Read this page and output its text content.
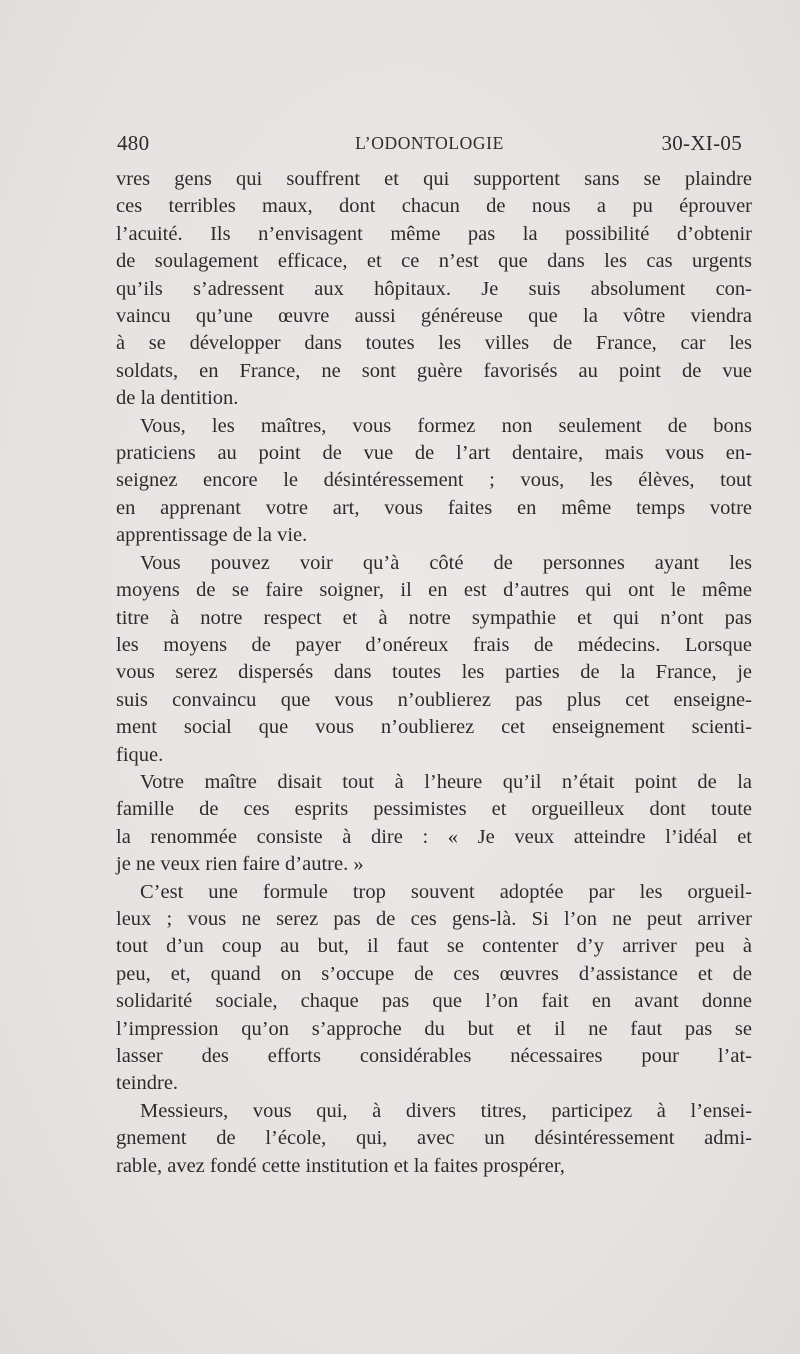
480	L’ODONTOLOGIE	30-XI-05

vres gens qui souffrent et qui supportent sans se plaindre
ces terribles maux, dont chacun de nous a pu éprouver
l’acuité. Ils n’envisagent même pas la possibilité d’obtenir
de soulagement efficace, et ce n’est que dans les cas urgents
qu’ils s’adressent aux hôpitaux. Je suis absolument con-
vaincu qu’une œuvre aussi généreuse que la vôtre viendra
à se développer dans toutes les villes de France, car les
soldats, en France, ne sont guère favorisés au point de vue
de la dentition.

Vous, les maîtres, vous formez non seulement de bons
praticiens au point de vue de l’art dentaire, mais vous en-
seignez encore le désintéressement ; vous, les élèves, tout
en apprenant votre art, vous faites en même temps votre
apprentissage de la vie.

Vous pouvez voir qu’à côté de personnes ayant les
moyens de se faire soigner, il en est d’autres qui ont le même
titre à notre respect et à notre sympathie et qui n’ont pas
les moyens de payer d’onéreux frais de médecins. Lorsque
vous serez dispersés dans toutes les parties de la France, je
suis convaincu que vous n’oublierez pas plus cet enseigne-
ment social que vous n’oublierez cet enseignement scienti-
fique.

Votre maître disait tout à l’heure qu’il n’était point de la
famille de ces esprits pessimistes et orgueilleux dont toute
la renommée consiste à dire : « Je veux atteindre l’idéal et
je ne veux rien faire d’autre. »

C’est une formule trop souvent adoptée par les orgueil-
leux ; vous ne serez pas de ces gens-là. Si l’on ne peut arriver
tout d’un coup au but, il faut se contenter d’y arriver peu à
peu, et, quand on s’occupe de ces œuvres d’assistance et de
solidarité sociale, chaque pas que l’on fait en avant donne
l’impression qu’on s’approche du but et il ne faut pas se
lasser des efforts considérables nécessaires pour l’at-
teindre.

Messieurs, vous qui, à divers titres, participez à l’ensei-
gnement de l’école, qui, avec un désintéressement admi-
rable, avez fondé cette institution et la faites prospérer,
